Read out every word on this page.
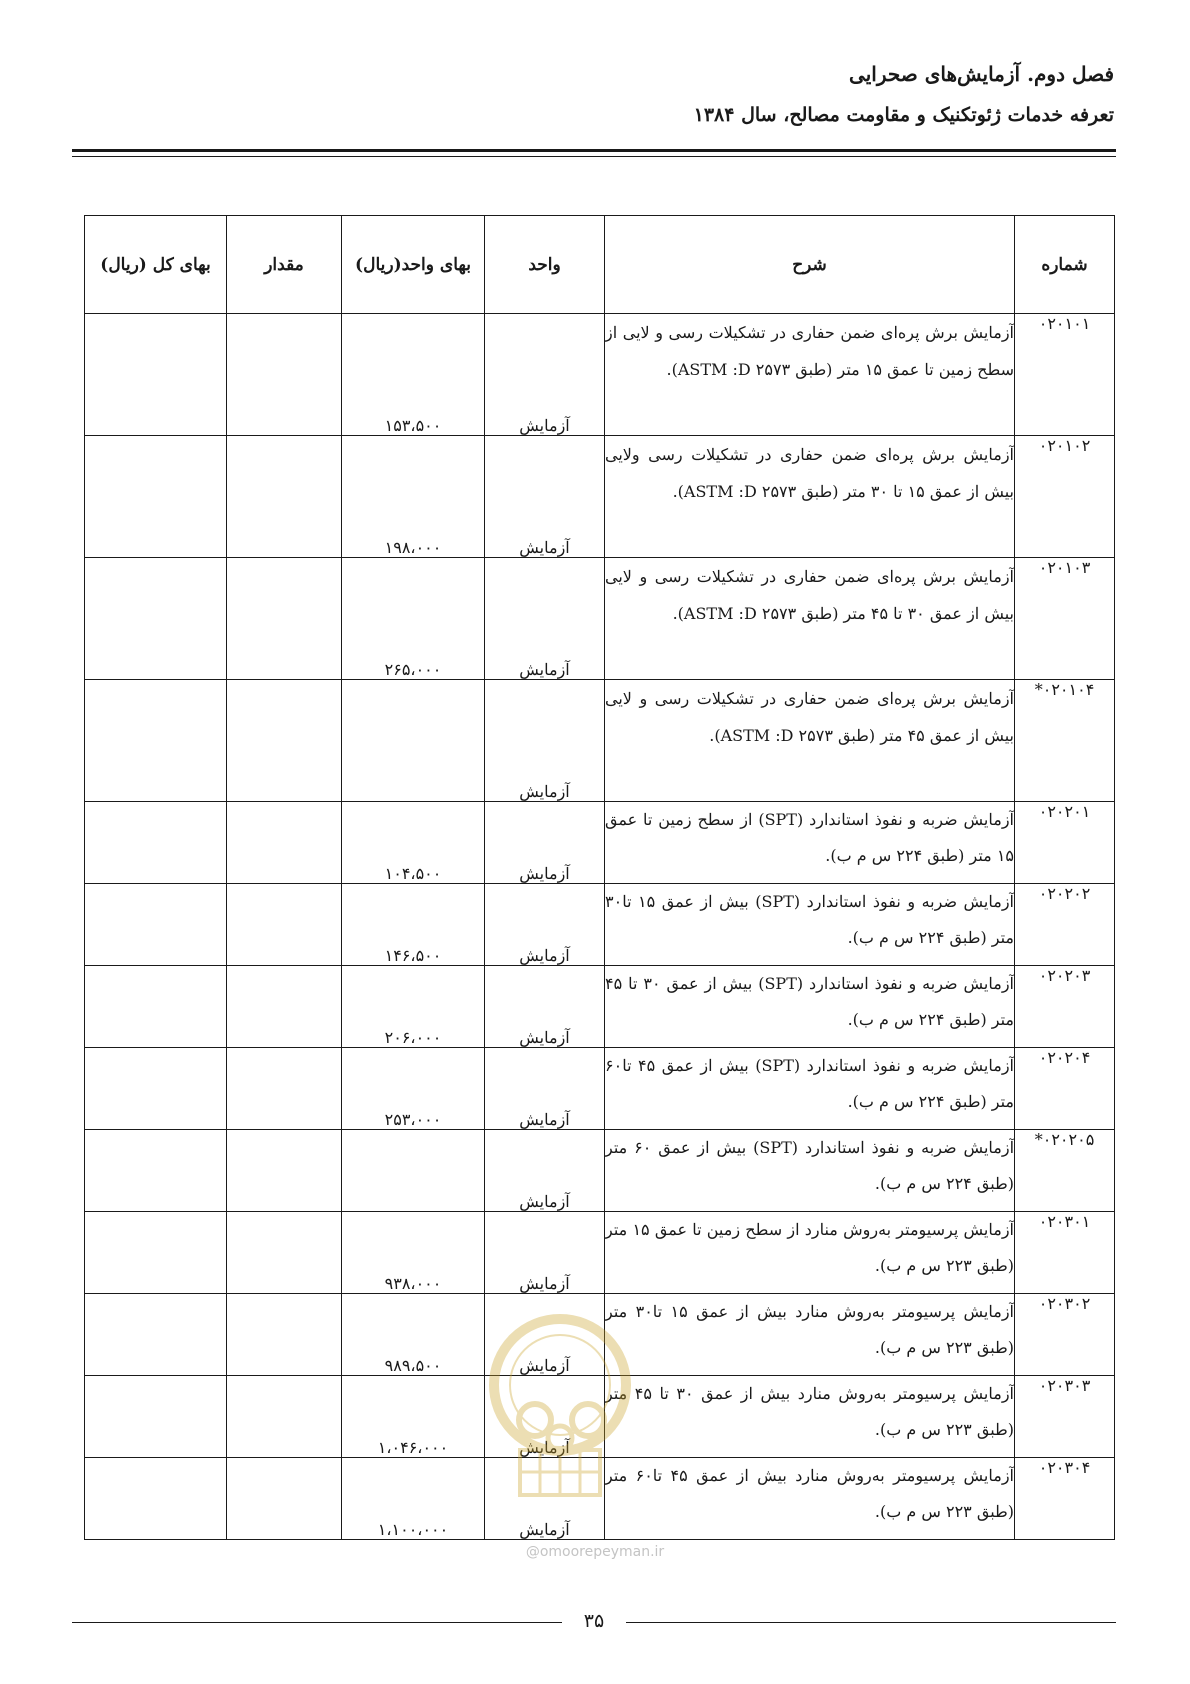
فصل دوم. آزمایش‌های صحرایی
تعرفه خدمات ژئوتکنیک و مقاومت مصالح، سال ۱۳۸۴
شماره	شرح	واحد	بهای واحد(ریال)	مقدار	بهای کل (ریال)
۰۲۰۱۰۱	آزمایش برش پره‌ای ضمن حفاری در تشکیلات رسی و لایی از سطح زمین تا عمق ۱۵ متر (طبق ASTM :D ۲۵۷۳).	آزمایش	۱۵۳،۵۰۰		
۰۲۰۱۰۲	آزمایش برش پره‌ای ضمن حفاری در تشکیلات رسی ولایی بیش از عمق ۱۵ تا ۳۰ متر (طبق ASTM :D ۲۵۷۳).	آزمایش	۱۹۸،۰۰۰		
۰۲۰۱۰۳	آزمایش برش پره‌ای ضمن حفاری در تشکیلات رسی و لایی بیش از عمق ۳۰ تا ۴۵ متر (طبق ASTM :D ۲۵۷۳).	آزمایش	۲۶۵،۰۰۰		
*۰۲۰۱۰۴	آزمایش برش پره‌ای ضمن حفاری در تشکیلات رسی و لایی بیش از عمق ۴۵ متر (طبق ASTM :D ۲۵۷۳).	آزمایش			
۰۲۰۲۰۱	آزمایش ضربه و نفوذ استاندارد (SPT) از سطح زمین تا عمق ۱۵ متر (طبق ۲۲۴ س م ب).	آزمایش	۱۰۴،۵۰۰		
۰۲۰۲۰۲	آزمایش ضربه و نفوذ استاندارد (SPT) بیش از عمق ۱۵ تا۳۰ متر (طبق ۲۲۴ س م ب).	آزمایش	۱۴۶،۵۰۰		
۰۲۰۲۰۳	آزمایش ضربه و نفوذ استاندارد (SPT) بیش از عمق ۳۰ تا ۴۵ متر (طبق ۲۲۴ س م ب).	آزمایش	۲۰۶،۰۰۰		
۰۲۰۲۰۴	آزمایش ضربه و نفوذ استاندارد (SPT) بیش از عمق ۴۵ تا۶۰ متر (طبق ۲۲۴ س م ب).	آزمایش	۲۵۳،۰۰۰		
*۰۲۰۲۰۵	آزمایش ضربه و نفوذ استاندارد (SPT) بیش از عمق ۶۰ متر (طبق ۲۲۴ س م ب).	آزمایش			
۰۲۰۳۰۱	آزمایش پرسیومتر به‌روش منارد از سطح زمین تا عمق ۱۵ متر (طبق ۲۲۳ س م ب).	آزمایش	۹۳۸،۰۰۰		
۰۲۰۳۰۲	آزمایش پرسیومتر به‌روش منارد بیش از عمق ۱۵ تا۳۰ متر (طبق ۲۲۳ س م ب).	آزمایش	۹۸۹،۵۰۰		
۰۲۰۳۰۳	آزمایش پرسیومتر به‌روش منارد بیش از عمق ۳۰ تا ۴۵ متر (طبق ۲۲۳ س م ب).	آزمایش	۱،۰۴۶،۰۰۰		
۰۲۰۳۰۴	آزمایش پرسیومتر به‌روش منارد بیش از عمق ۴۵ تا۶۰ متر (طبق ۲۲۳ س م ب).	آزمایش	۱،۱۰۰،۰۰۰		
@omoorepeyman.ir
۳۵
